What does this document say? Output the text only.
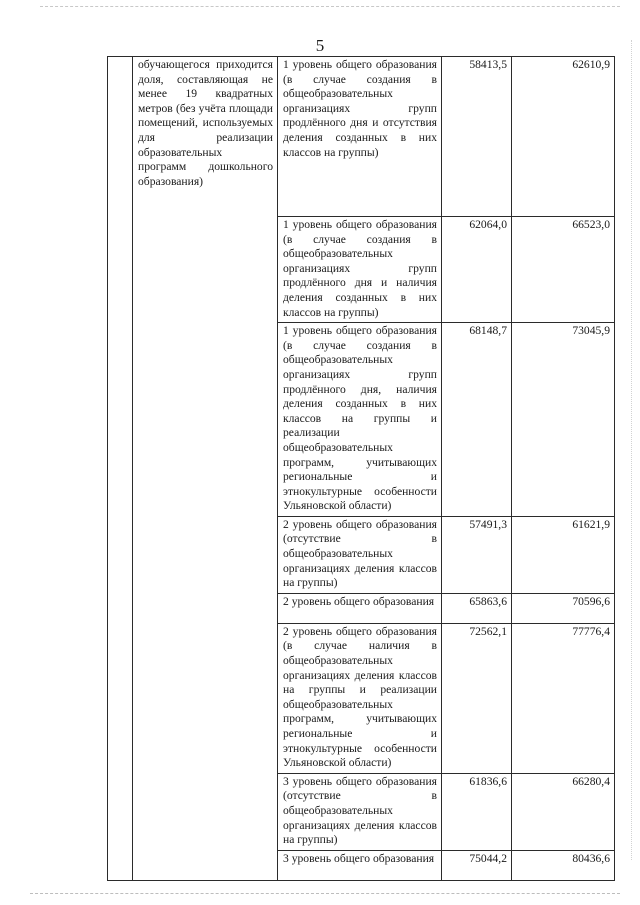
5
	обучающегося приходится доля, составляющая не менее 19 квадратных метров (без учёта площади помещений, используемых для реализации образовательных программ дошкольного образования)	1 уровень общего образования (в случае создания в общеобразовательных организациях групп продлённого дня и отсутствия деления созданных в них классов на группы)	58413,5	62610,9
		1 уровень общего образования (в случае создания в общеобразовательных организациях групп продлённого дня и наличия деления созданных в них классов на группы)	62064,0	66523,0
		1 уровень общего образования (в случае создания в общеобразовательных организациях групп продлённого дня, наличия деления созданных в них классов на группы и реализации общеобразовательных программ, учитывающих региональные и этнокультурные особенности Ульяновской области)	68148,7	73045,9
		2 уровень общего образования (отсутствие в общеобразовательных организациях деления классов на группы)	57491,3	61621,9
		2 уровень общего образования	65863,6	70596,6
		2 уровень общего образования (в случае наличия в общеобразовательных организациях деления классов на группы и реализации общеобразовательных программ, учитывающих региональные и этнокультурные особенности Ульяновской области)	72562,1	77776,4
		3 уровень общего образования (отсутствие в общеобразовательных организациях деления классов на группы)	61836,6	66280,4
		3 уровень общего образования	75044,2	80436,6
